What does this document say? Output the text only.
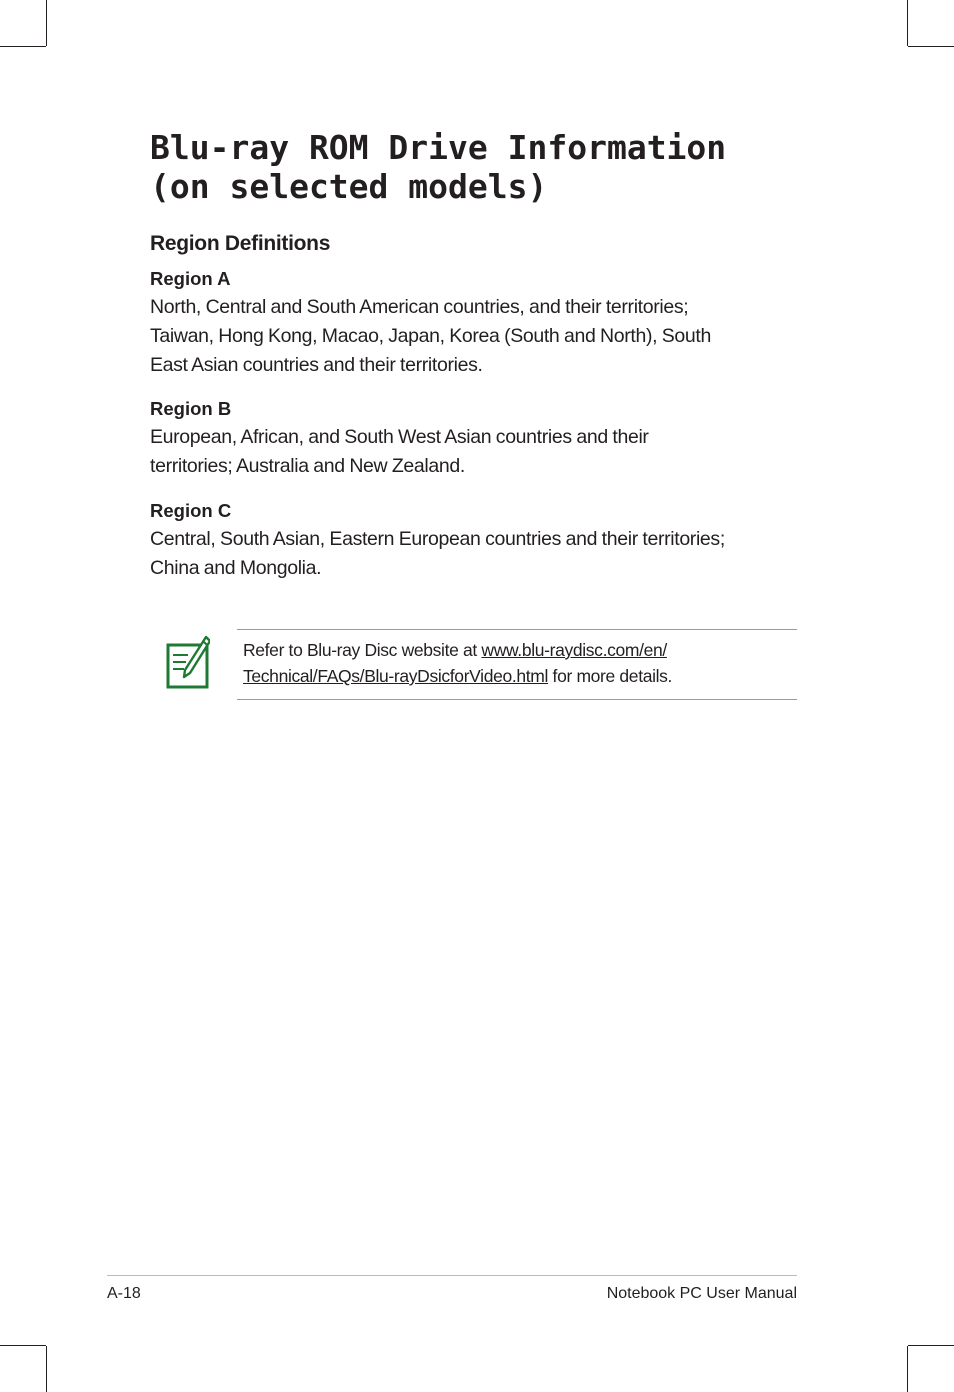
Blu-ray ROM Drive Information
(on selected models)
Region Definitions
Region A
North, Central and South American countries, and their territories;
Taiwan, Hong Kong, Macao, Japan, Korea (South and North), South
East Asian countries and their territories.
Region B
European, African, and South West Asian countries and their
territories; Australia and New Zealand.
Region C
Central, South Asian, Eastern European countries and their territories;
China and Mongolia.
Refer to Blu-ray Disc website at www.blu-raydisc.com/en/
Technical/FAQs/Blu-rayDsicforVideo.html for more details.
A-18	Notebook PC User Manual
